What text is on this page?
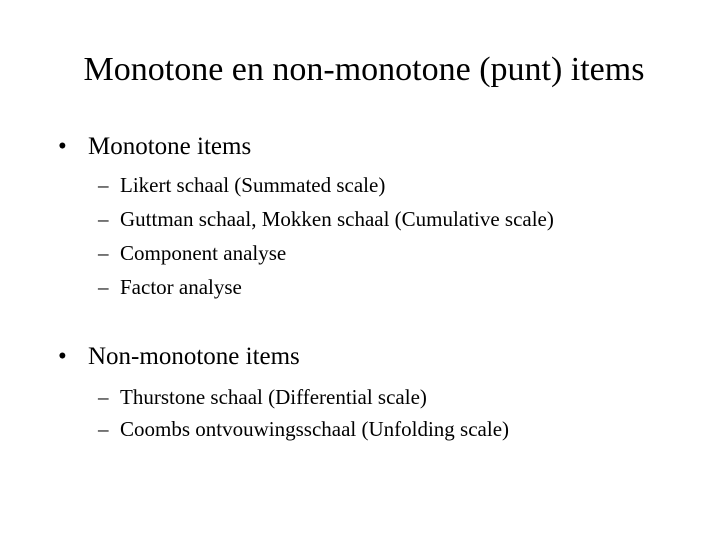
Monotone en non-monotone (punt) items
• Monotone items
– Likert schaal (Summated scale)
– Guttman schaal, Mokken schaal (Cumulative scale)
– Component analyse
– Factor analyse
• Non-monotone items
– Thurstone schaal (Differential scale)
– Coombs ontvouwingsschaal (Unfolding scale)
